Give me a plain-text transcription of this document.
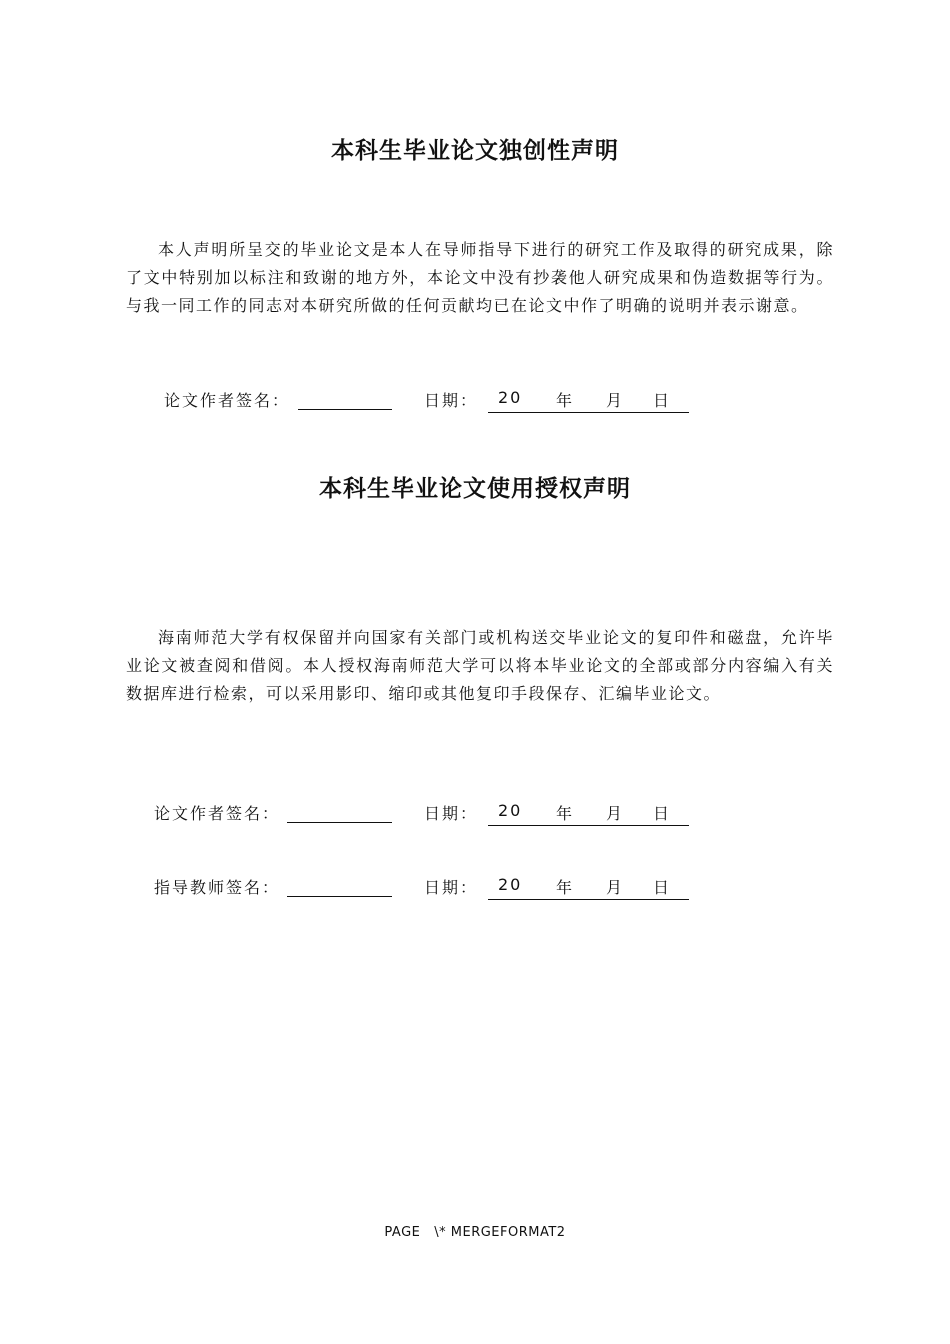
本科生毕业论文独创性声明

本人声明所呈交的毕业论文是本人在导师指导下进行的研究工作及取得的研究成果，除了文中特别加以标注和致谢的地方外，本论文中没有抄袭他人研究成果和伪造数据等行为。与我一同工作的同志对本研究所做的任何贡献均已在论文中作了明确的说明并表示谢意。

论文作者签名：	日期： 20 年 月 日
本科生毕业论文使用授权声明

海南师范大学有权保留并向国家有关部门或机构送交毕业论文的复印件和磁盘，允许毕业论文被查阅和借阅。本人授权海南师范大学可以将本毕业论文的全部或部分内容编入有关数据库进行检索，可以采用影印、缩印或其他复印手段保存、汇编毕业论文。

论文作者签名：	日期： 20 年 月 日
指导教师签名：	日期： 20 年 月 日
PAGE   \* MERGEFORMAT2
